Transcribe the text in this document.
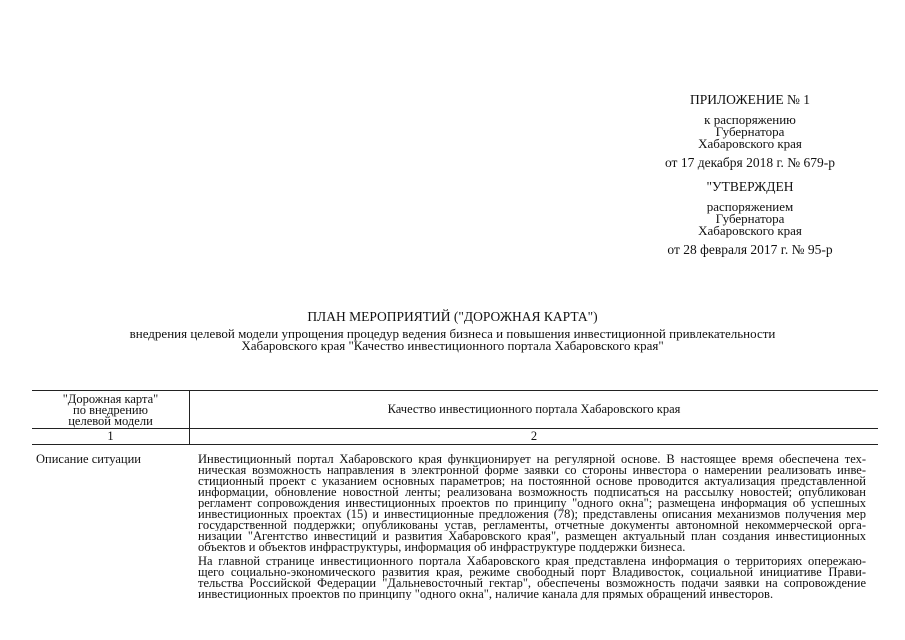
ПРИЛОЖЕНИЕ № 1
к распоряжению
Губернатора
Хабаровского края
от 17 декабря 2018 г. № 679-р
"УТВЕРЖДЕН
распоряжением
Губернатора
Хабаровского края
от 28 февраля 2017 г. № 95-р
ПЛАН МЕРОПРИЯТИЙ ("ДОРОЖНАЯ КАРТА")
внедрения целевой модели упрощения процедур ведения бизнеса и повышения инвестиционной привлекательности
Хабаровского края "Качество инвестиционного портала Хабаровского края"
"Дорожная карта"
по внедрению
целевой модели	Качество инвестиционного портала Хабаровского края
1	2
Описание ситуации	Инвестиционный портал Хабаровского края функционирует на регулярной основе. В настоящее время обеспечена тех-
ническая возможность направления в электронной форме заявки со стороны инвестора о намерении реализовать инве-
стиционный проект с указанием основных параметров; на постоянной основе проводится актуализация представленной
информации, обновление новостной ленты; реализована возможность подписаться на рассылку новостей; опубликован
регламент сопровождения инвестиционных проектов по принципу "одного окна"; размещена информация об успешных
инвестиционных проектах (15) и инвестиционные предложения (78); представлены описания механизмов получения мер
государственной поддержки; опубликованы устав, регламенты, отчетные документы автономной некоммерческой орга-
низации "Агентство инвестиций и развития Хабаровского края", размещен актуальный план создания инвестиционных
объектов и объектов инфраструктуры, информация об инфраструктуре поддержки бизнеса.
На главной странице инвестиционного портала Хабаровского края представлена информация о территориях опережаю-
щего социально-экономического развития края, режиме свободный порт Владивосток, социальной инициативе Прави-
тельства Российской Федерации "Дальневосточный гектар", обеспечены возможность подачи заявки на сопровождение
инвестиционных проектов по принципу "одного окна", наличие канала для прямых обращений инвесторов.
